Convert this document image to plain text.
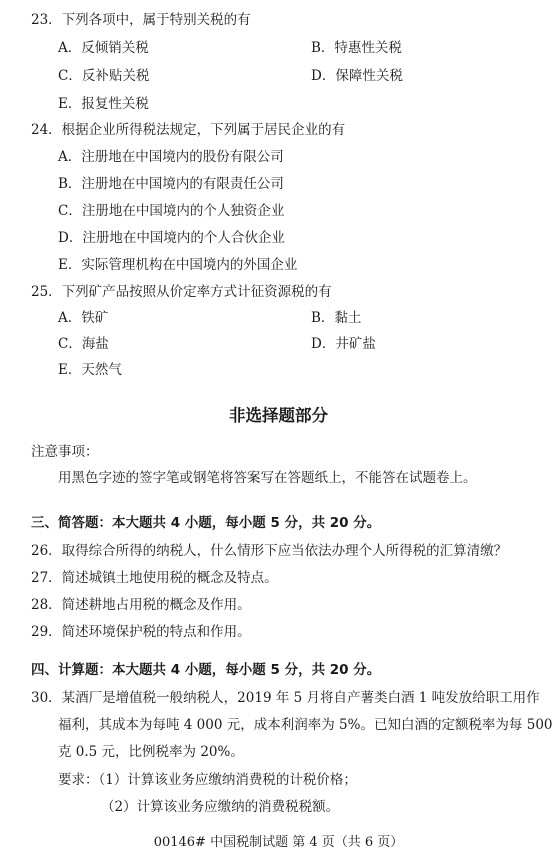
23．下列各项中，属于特别关税的有
A．反倾销关税	B．特惠性关税
C．反补贴关税	D．保障性关税
E．报复性关税
24．根据企业所得税法规定，下列属于居民企业的有
A．注册地在中国境内的股份有限公司
B．注册地在中国境内的有限责任公司
C．注册地在中国境内的个人独资企业
D．注册地在中国境内的个人合伙企业
E．实际管理机构在中国境内的外国企业
25．下列矿产品按照从价定率方式计征资源税的有
A．铁矿	B．黏土
C．海盐	D．井矿盐
E．天然气
非选择题部分
注意事项：
用黑色字迹的签字笔或钢笔将答案写在答题纸上，不能答在试题卷上。
三、简答题：本大题共 4 小题，每小题 5 分，共 20 分。
26．取得综合所得的纳税人，什么情形下应当依法办理个人所得税的汇算清缴？
27．简述城镇土地使用税的概念及特点。
28．简述耕地占用税的概念及作用。
29．简述环境保护税的特点和作用。
四、计算题：本大题共 4 小题，每小题 5 分，共 20 分。
30．某酒厂是增值税一般纳税人，2019 年 5 月将自产薯类白酒 1 吨发放给职工用作
福利，其成本为每吨 4 000 元，成本利润率为 5%。已知白酒的定额税率为每 500
克 0.5 元，比例税率为 20%。
要求：（1）计算该业务应缴纳消费税的计税价格；
（2）计算该业务应缴纳的消费税税额。
00146# 中国税制试题 第 4 页（共 6 页）
